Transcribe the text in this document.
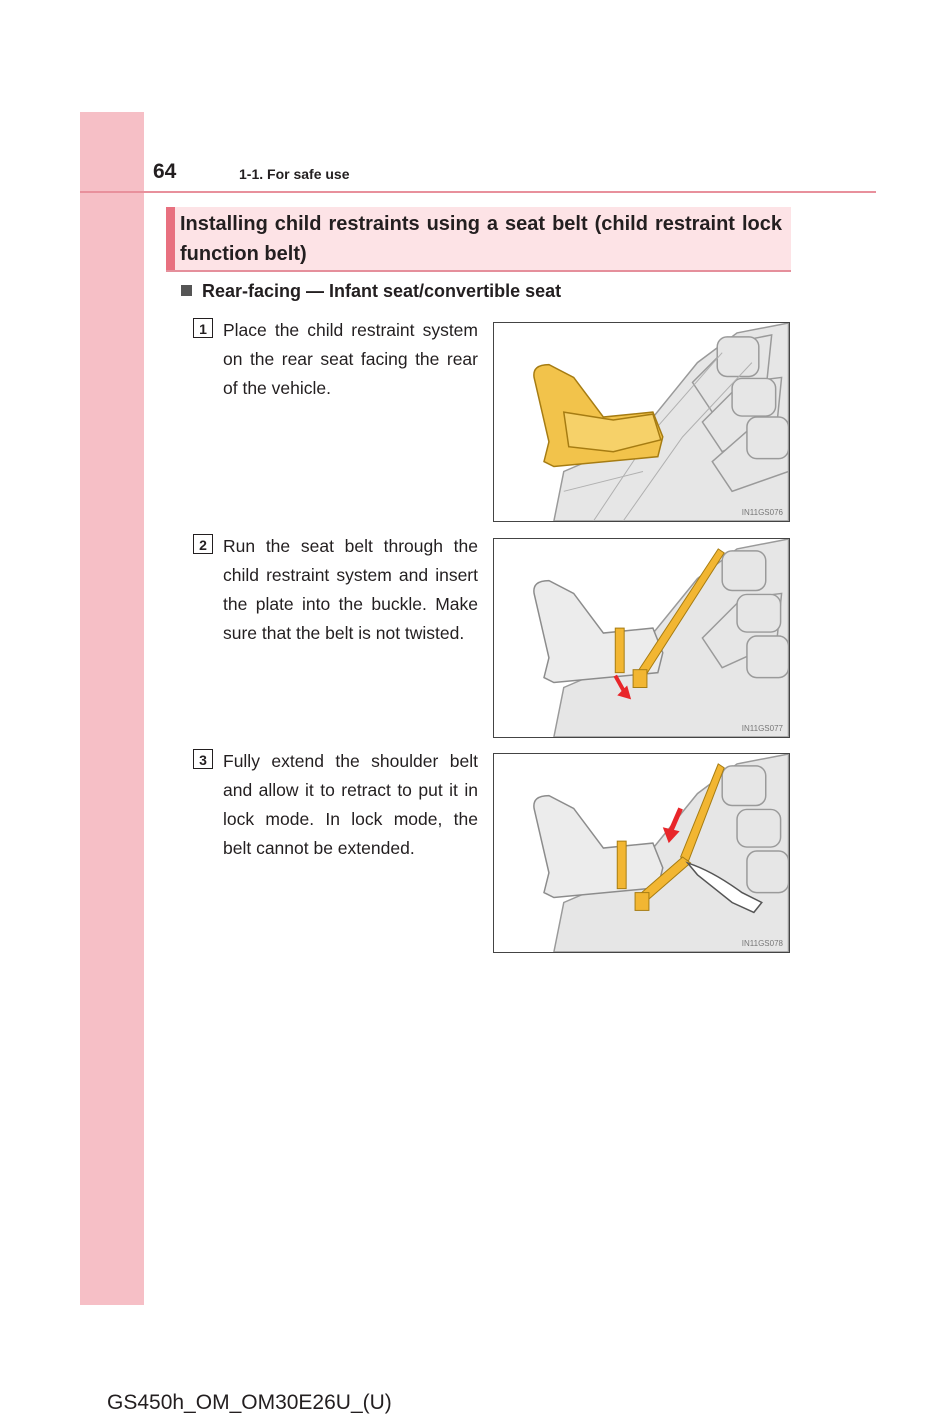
64	1-1. For safe use
Installing child restraints using a seat belt (child restraint lock function belt)
Rear-facing — Infant seat/convertible seat
1 Place the child restraint system on the rear seat facing the rear of the vehicle.
IN11GS076
2 Run the seat belt through the child restraint system and insert the plate into the buckle. Make sure that the belt is not twisted.
IN11GS077
3 Fully extend the shoulder belt and allow it to retract to put it in lock mode. In lock mode, the belt cannot be extended.
IN11GS078
GS450h_OM_OM30E26U_(U)
